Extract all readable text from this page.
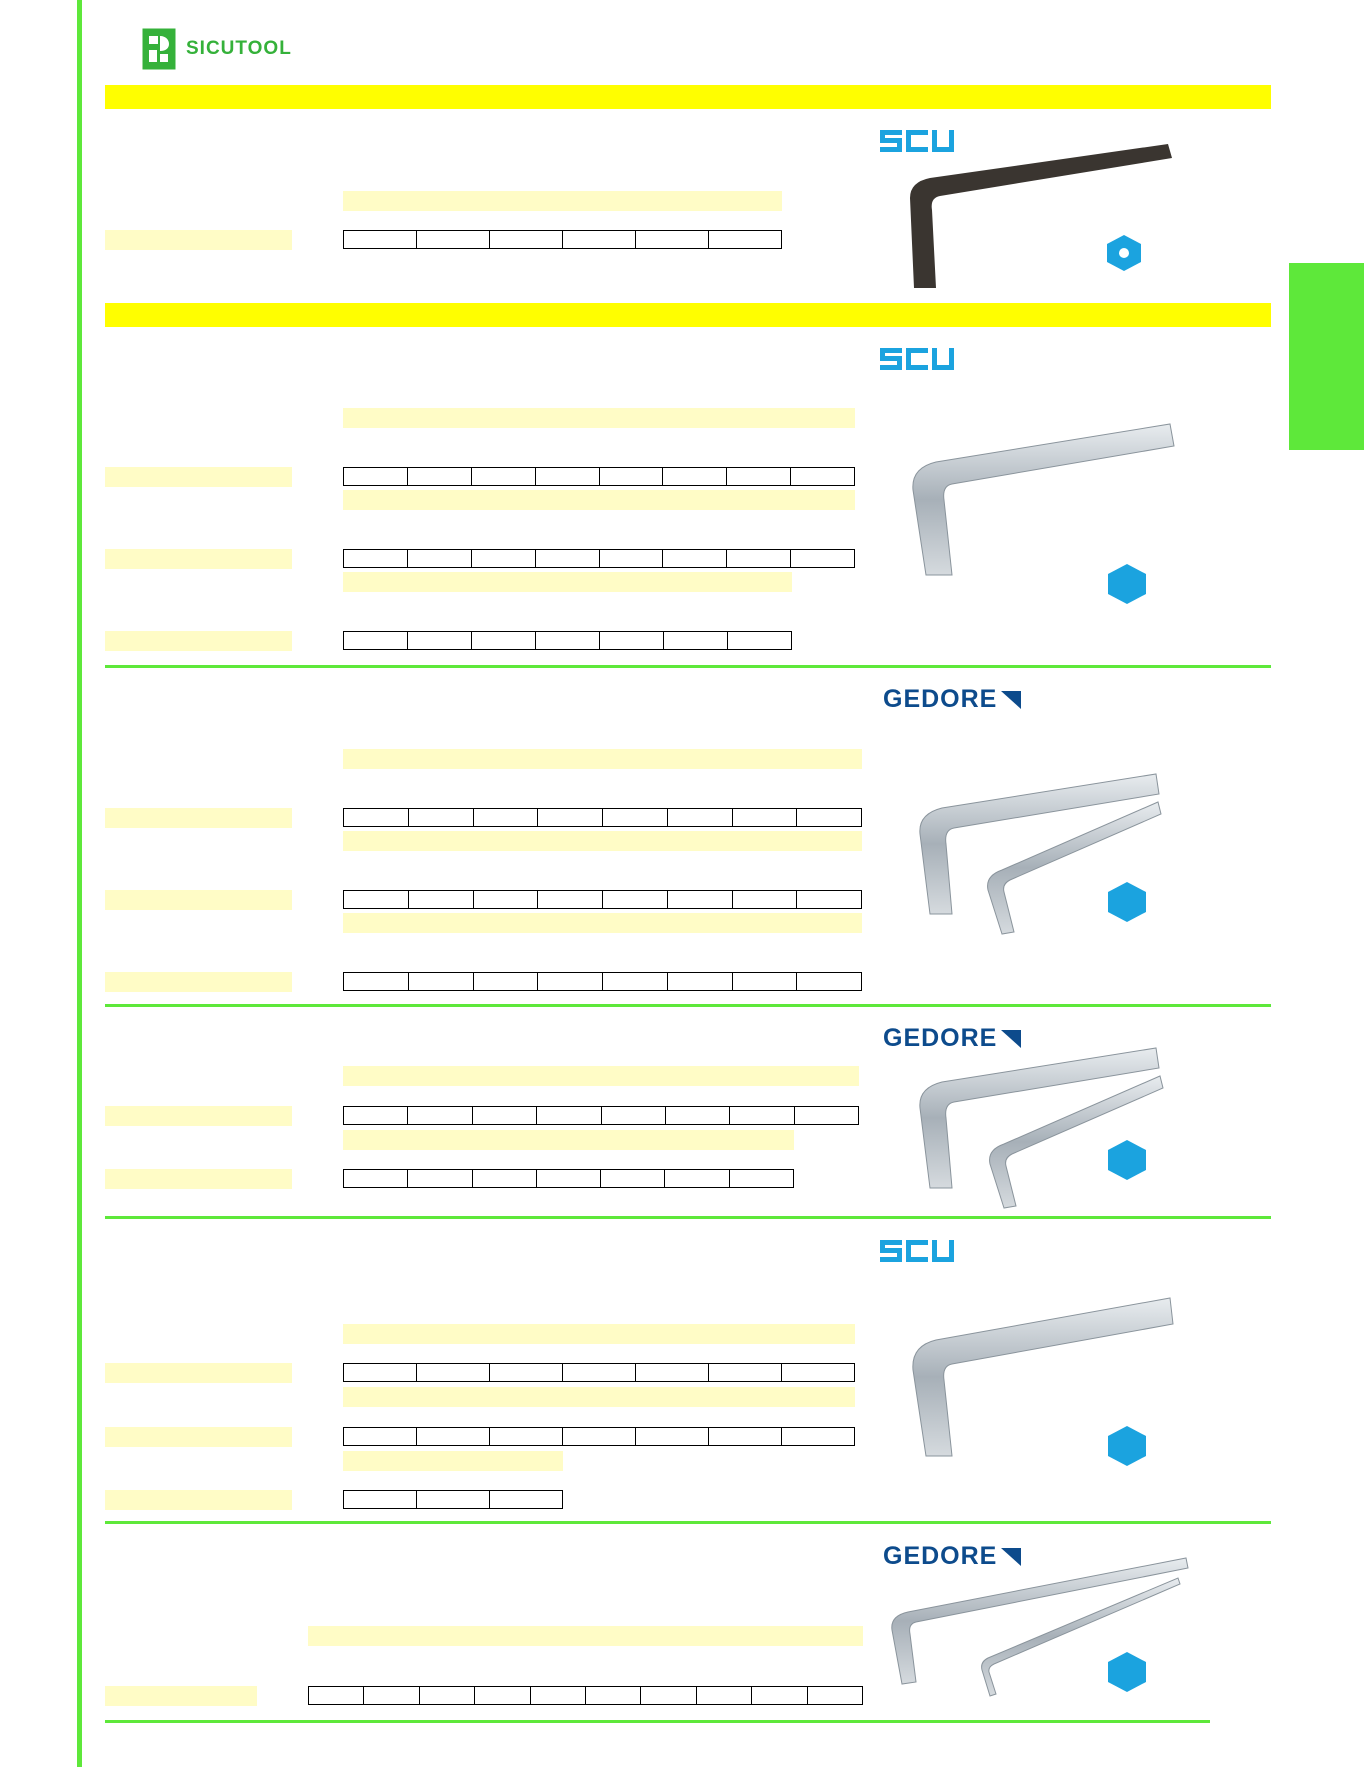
SICUTOOL
GEDORE
GEDORE
GEDORE
